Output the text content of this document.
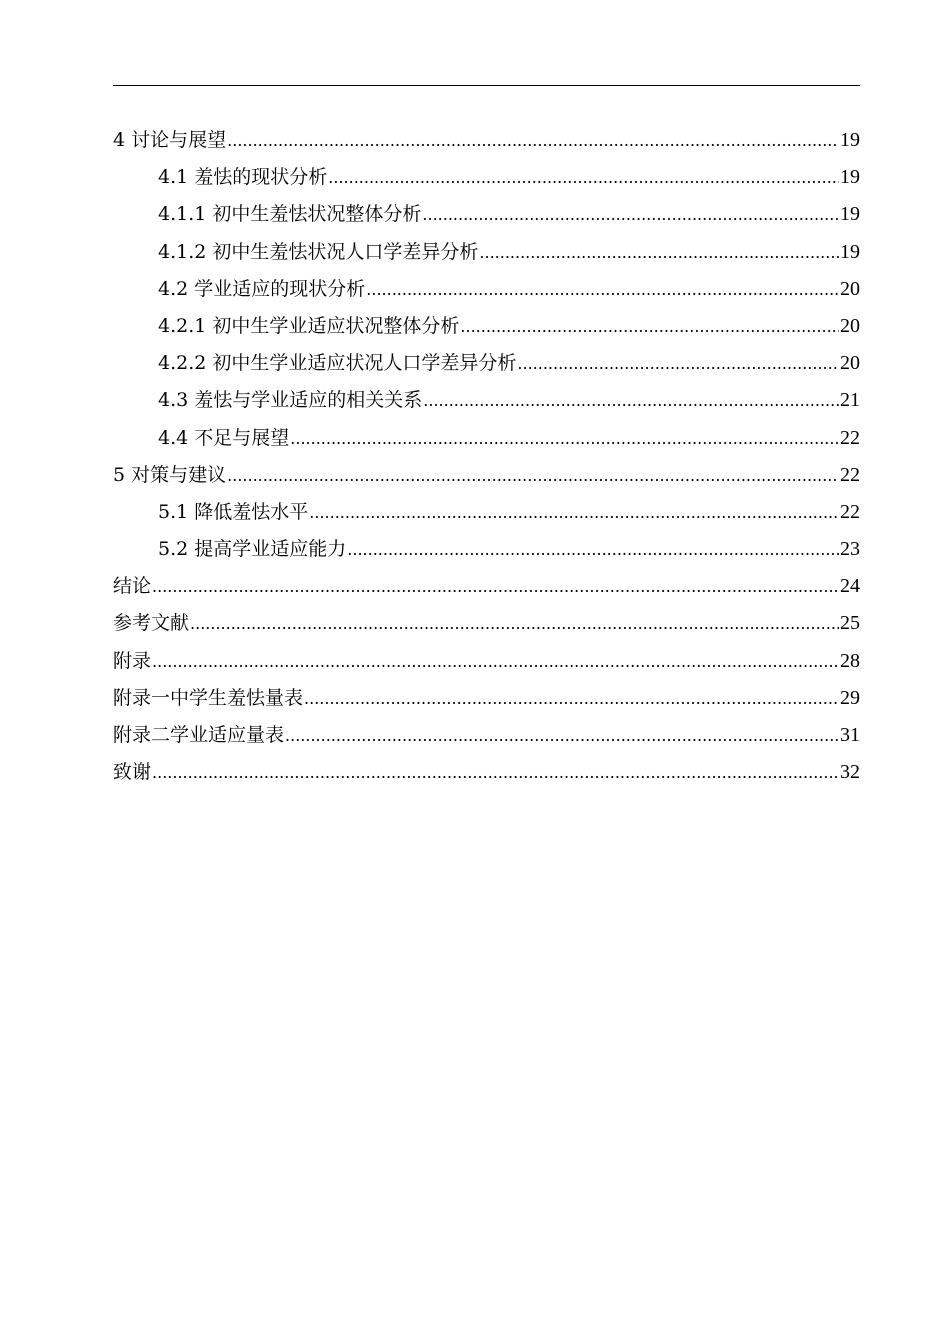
4 讨论与展望 .....	19
4.1 羞怯的现状分析 .....	19
4.1.1 初中生羞怯状况整体分析 .....	19
4.1.2 初中生羞怯状况人口学差异分析 .....	19
4.2 学业适应的现状分析 .....	20
4.2.1 初中生学业适应状况整体分析 .....	20
4.2.2 初中生学业适应状况人口学差异分析 .....	20
4.3 羞怯与学业适应的相关关系 .....	21
4.4 不足与展望 .....	22
5 对策与建议 .....	22
5.1 降低羞怯水平 .....	22
5.2 提高学业适应能力 .....	23
结论 .....	24
参考文献 .....	25
附录 .....	28
附录一中学生羞怯量表 .....	29
附录二学业适应量表 .....	31
致谢 .....	32
